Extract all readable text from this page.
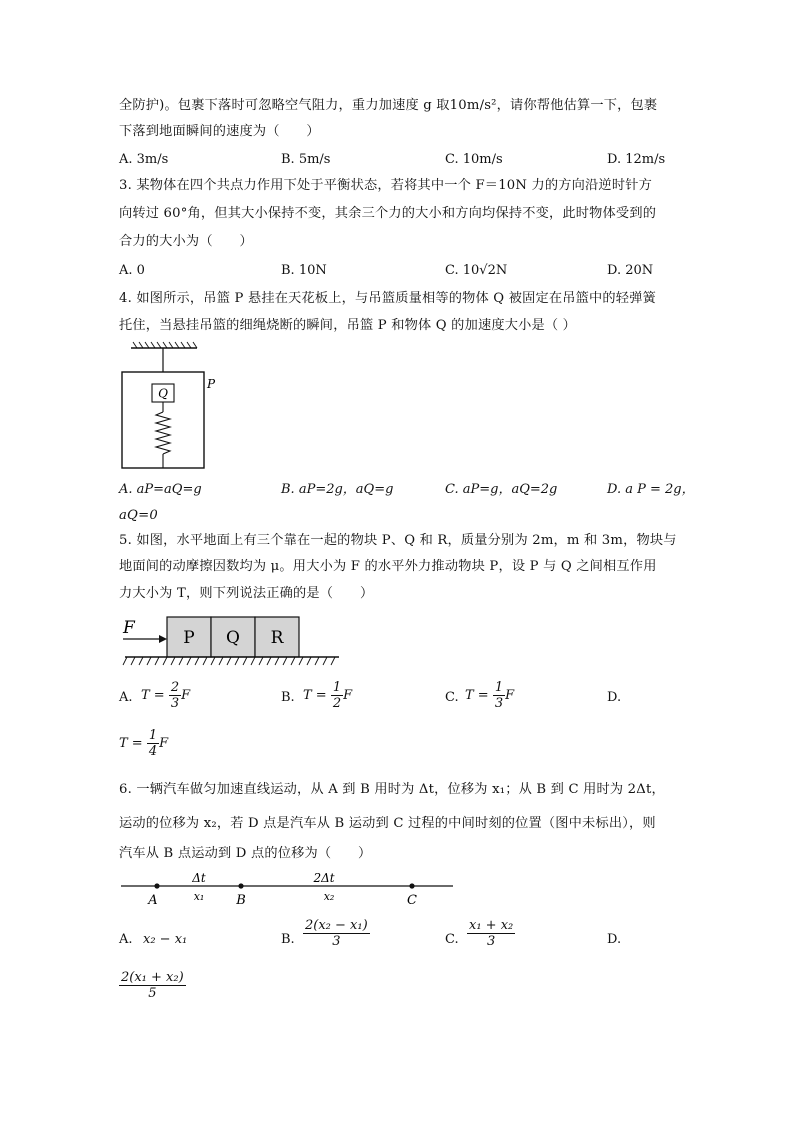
全防护)。包裹下落时可忽略空气阻力，重力加速度 g 取10m/s²，请你帮他估算一下，包裹
下落到地面瞬间的速度为（　　）
A. 3m/s	B. 5m/s	C. 10m/s	D. 12m/s
3. 某物体在四个共点力作用下处于平衡状态，若将其中一个 F＝10N 力的方向沿逆时针方
向转过 60°角，但其大小保持不变，其余三个力的大小和方向均保持不变，此时物体受到的
合力的大小为（　　）
A. 0	B. 10N	C. 10√2N	D. 20N
4. 如图所示，吊篮 P 悬挂在天花板上，与吊篮质量相等的物体 Q 被固定在吊篮中的轻弹簧
托住，当悬挂吊篮的细绳烧断的瞬间，吊篮 P 和物体 Q 的加速度大小是（ ）
Q
P
A. aP=aQ=g	B. aP=2g，aQ=g	C. aP=g，aQ=2g	D. a P = 2g，
aQ=0
5. 如图，水平地面上有三个靠在一起的物块 P、Q 和 R，质量分别为 2m，m 和 3m，物块与
地面间的动摩擦因数均为 μ。用大小为 F 的水平外力推动物块 P，设 P 与 Q 之间相互作用
力大小为 T，则下列说法正确的是（　　）
F	P Q R
A. $T = \frac{2}{3}$ F	B. $T = \frac{1}{2}$ F	C. $T = \frac{1}{3}$ F	D.
$T = \frac{1}{4}$ F
6. 一辆汽车做匀加速直线运动，从 A 到 B 用时为 Δt，位移为 x₁；从 B 到 C 用时为 2Δt，
运动的位移为 x₂，若 D 点是汽车从 B 运动到 C 过程的中间时刻的位置（图中未标出），则
汽车从 B 点运动到 D 点的位移为（　　）
Δt	2Δt
x₁	x₂
A	B	C
A. x₂ − x₁	B. $\frac{\text{2(x₂ − x₁)}}{3}$	C. $\frac{\text{x₁ + x₂}}{3}$	D.
$\frac{\text{2(x₁ + x₂)}}{5}$
